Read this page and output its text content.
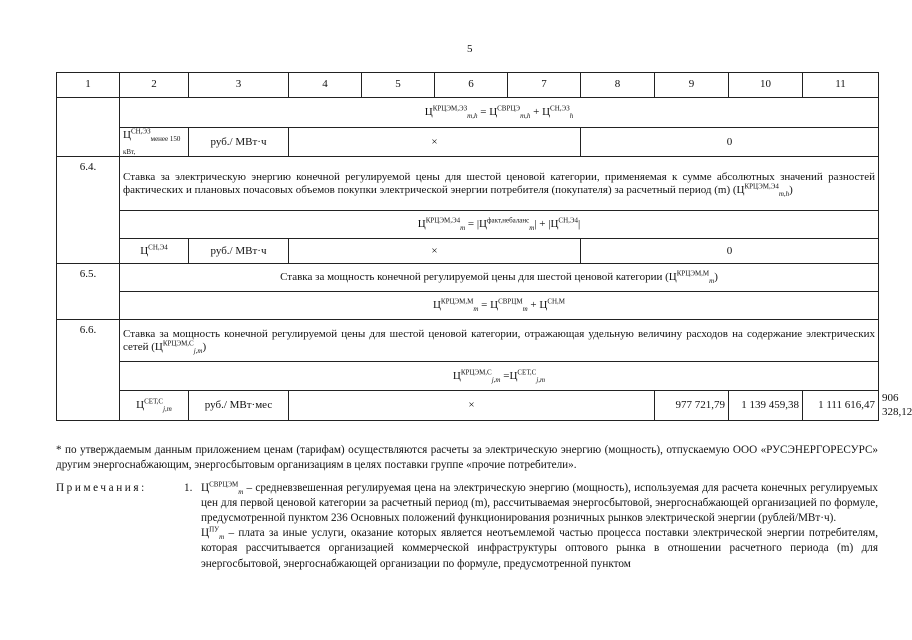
5
1	2	3	4	5	6	7	8	9	10	11	
	$Ц^{КРЦЭМ,ЭЗ}_{m,h} = Ц^{СВРЦЭ}_{m,h} + Ц^{СН,ЭЗ}_h$
	$Ц^{СН,ЭЗ}_{менее 150 кВт,}$	руб./ МВт·ч	×				0				
6.4.	Ставка за электрическую энергию конечной регулируемой цены для шестой ценовой категории, применяемая к сумме абсолютных значений разностей фактических и плановых почасовых объемов покупки электрической энергии потребителя (покупателя) за расчетный период (m) $(Ц^{КРЦЭМ,Э4}_{m,h})$										
	$Ц^{КРЦЭМ,Э4}_m = |Ц^{факт,небаланс}_m| + |Ц^{СН,Э4}|$										
	$Ц^{СН,Э4}$	руб./ МВт·ч	×				0				
6.5.	Ставка за мощность конечной регулируемой цены для шестой ценовой категории $(Ц^{КРЦЭМ,М}_m)$										
	$Ц^{КРЦЭМ,М}_m = Ц^{СВРЦМ}_m + Ц^{СН,М}$
6.6.	Ставка за мощность конечной регулируемой цены для шестой ценовой категории, отражающая удельную величину расходов на содержание электрических сетей $(Ц^{КРЦЭМ,С}_{j,m})$										
	$Ц^{КРЦЭМ,С}_{j,m} =Ц^{СЕТ,С}_{j,m}$
	$Ц^{СЕТ,С}_{j,m}$	руб./ МВт·мес	×					977 721,79	1 139 459,38	1 111 616,47	906 328,12
* по утверждаемым данным приложением ценам (тарифам) осуществляются расчеты за электрическую энергию (мощность), отпускаемую ООО «РУСЭНЕРГОРЕСУРС» другим энергоснабжающим, энергосбытовым организациям в целях поставки группе «прочие потребители».
Примечания:	1. $Ц^{СВРЦЭМ}_m$ – средневзвешенная регулируемая цена на электрическую энергию (мощность), используемая для расчета конечных регулируемых цен для первой ценовой категории за расчетный период (m), рассчитываемая энергосбытовой, энергоснабжающей организацией по формуле, предусмотренной пунктом 236 Основных положений функционирования розничных рынков электрической энергии (рублей/МВт·ч).

$Ц^{ПУ}_m$ – плата за иные услуги, оказание которых является неотъемлемой частью процесса поставки электрической энергии потребителям, которая рассчитывается организацией коммерческой инфраструктуры оптового рынка в отношении расчетного периода (m) для энергосбытовой, энергоснабжающей организации по формуле, предусмотренной пунктом
